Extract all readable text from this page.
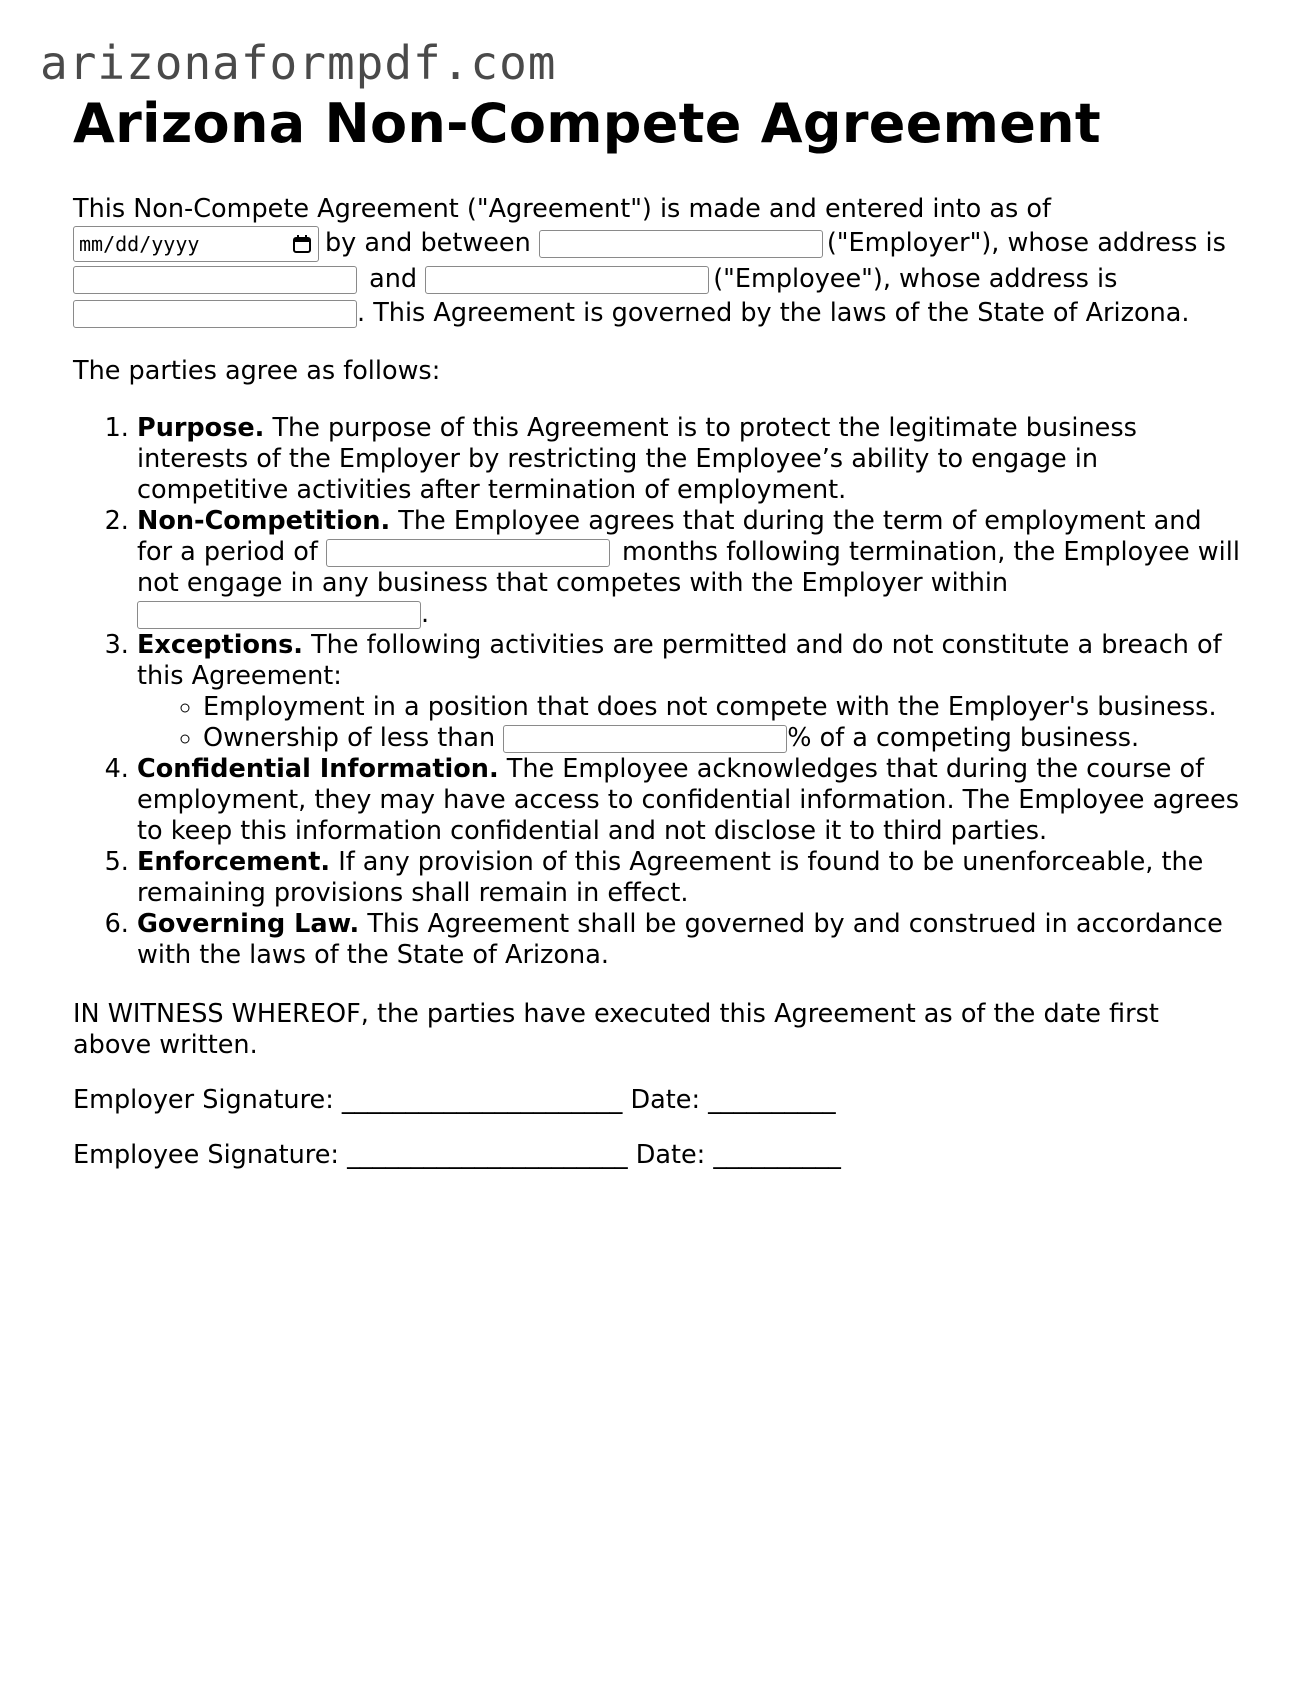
arizonaformpdf.com
Arizona Non-Compete Agreement

This Non-Compete Agreement ("Agreement") is made and entered into as of

mm/dd/yyyy	by and between	("Employer"), whose address is
and	("Employee"), whose address is
. This Agreement is governed by the laws of the State of Arizona.

The parties agree as follows:

1. Purpose. The purpose of this Agreement is to protect the legitimate business interests of the Employer by restricting the Employee’s ability to engage in competitive activities after termination of employment.
2. Non-Competition. The Employee agrees that during the term of employment and for a period of	months following termination, the Employee will not engage in any business that competes with the Employer within .
3. Exceptions. The following activities are permitted and do not constitute a breach of this Agreement:
◦ Employment in a position that does not compete with the Employer's business.
◦ Ownership of less than	% of a competing business.
4. Confidential Information. The Employee acknowledges that during the course of employment, they may have access to confidential information. The Employee agrees to keep this information confidential and not disclose it to third parties.
5. Enforcement. If any provision of this Agreement is found to be unenforceable, the remaining provisions shall remain in effect.
6. Governing Law. This Agreement shall be governed by and construed in accordance with the laws of the State of Arizona.

IN WITNESS WHEREOF, the parties have executed this Agreement as of the date first above written.

Employer Signature: ______________________ Date: __________

Employee Signature: ______________________ Date: __________
